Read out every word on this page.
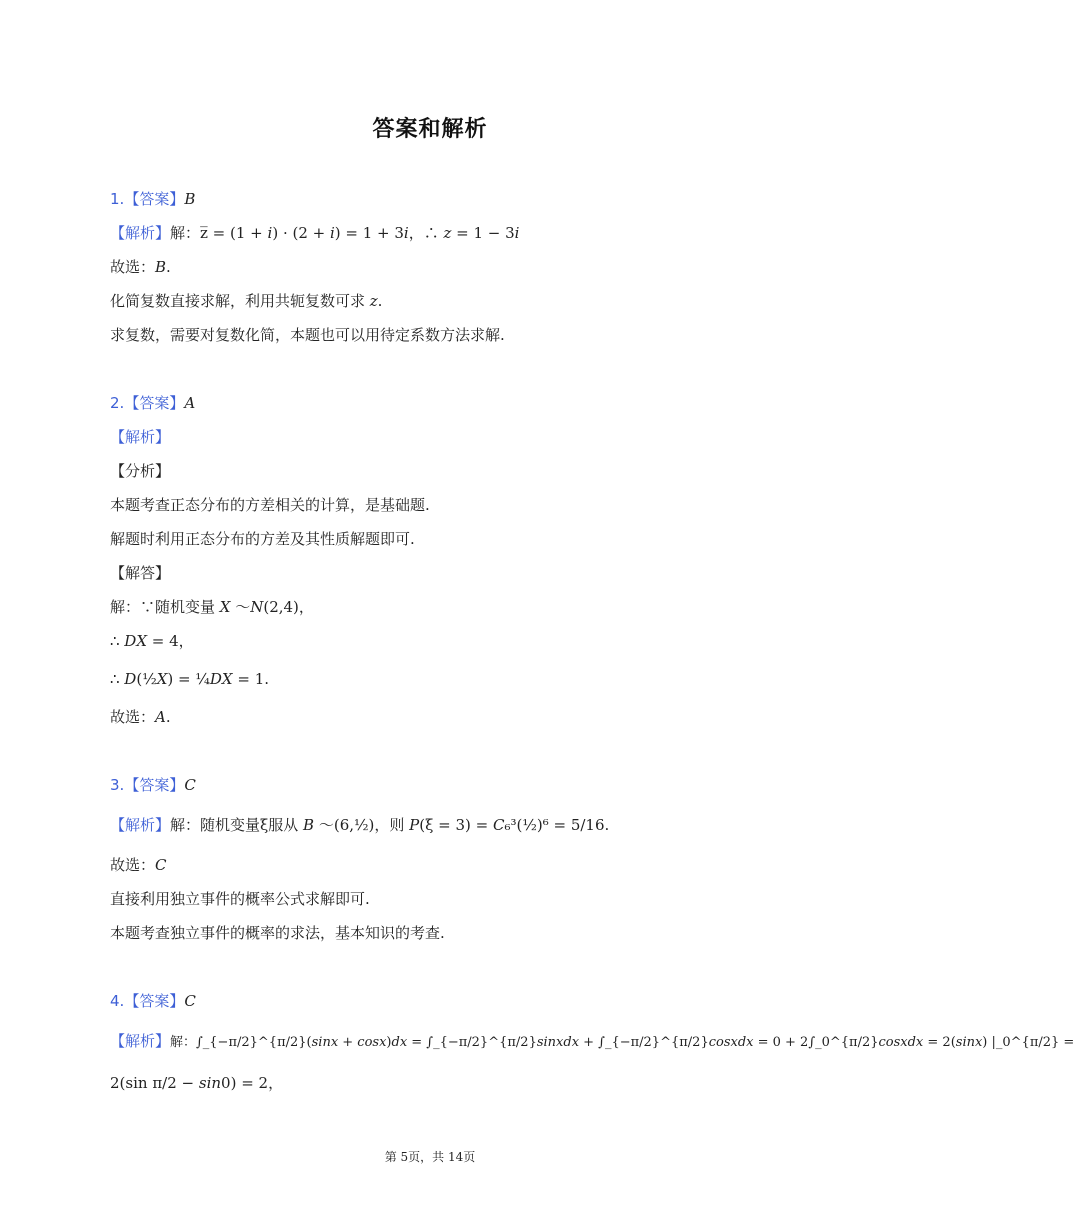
答案和解析
1.【答案】B
【解析】解：z̅ = (1 + 𝑖) · (2 + 𝑖) = 1 + 3𝑖，∴ 𝑧 = 1 − 3𝑖
故选：𝐵.
化简复数直接求解，利用共轭复数可求 𝑧.
求复数，需要对复数化简，本题也可以用待定系数方法求解.
2.【答案】A
【解析】
【分析】
本题考查正态分布的方差相关的计算，是基础题.
解题时利用正态分布的方差及其性质解题即可.
【解答】
解：∵随机变量 𝑋 ～𝑁(2,4)，
∴ 𝐷𝑋 = 4，
∴ 𝐷(½𝑋) = ¼𝐷𝑋 = 1.
故选：𝐴.
3.【答案】C
【解析】解：随机变量ξ服从 𝐵 ～(6,½)，则 𝑃(ξ = 3) = 𝐶₆³(½)⁶ = 5/16.
故选：𝐶
直接利用独立事件的概率公式求解即可.
本题考查独立事件的概率的求法，基本知识的考查.
4.【答案】C
【解析】解：∫_{−π/2}^{π/2}(𝑠𝑖𝑛𝑥 + 𝑐𝑜𝑠𝑥)𝑑𝑥 = ∫_{−π/2}^{π/2}𝑠𝑖𝑛𝑥𝑑𝑥 + ∫_{−π/2}^{π/2}𝑐𝑜𝑠𝑥𝑑𝑥 = 0 + 2∫_0^{π/2}𝑐𝑜𝑠𝑥𝑑𝑥 = 2(𝑠𝑖𝑛𝑥) |_0^{π/2} =
2(sin π/2 − 𝑠𝑖𝑛0) = 2，
第 5页，共 14页
